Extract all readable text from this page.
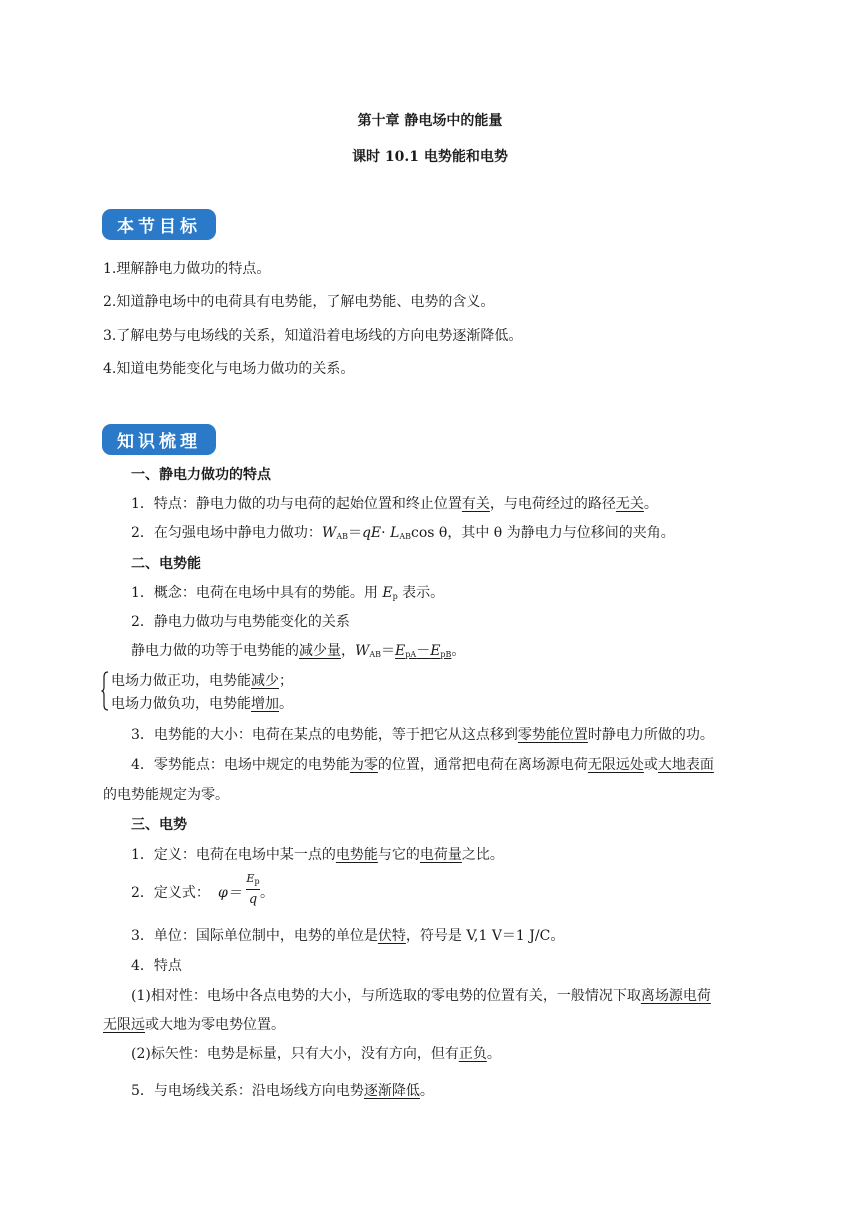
第十章 静电场中的能量
课时 10.1 电势能和电势
本节目标
1.理解静电力做功的特点。
2.知道静电场中的电荷具有电势能，了解电势能、电势的含义。
3.了解电势与电场线的关系，知道沿着电场线的方向电势逐渐降低。
4.知道电势能变化与电场力做功的关系。
知识梳理
一、静电力做功的特点
1．特点：静电力做的功与电荷的起始位置和终止位置有关，与电荷经过的路径无关。
2．在匀强电场中静电力做功：$W_{AB}=qE\cdot L_{AB}\cos$ θ，其中 θ 为静电力与位移间的夹角。
二、电势能
1．概念：电荷在电场中具有的势能。用 $E_p$ 表示。
2．静电力做功与电势能变化的关系
静电力做的功等于电势能的减少量，$W_{AB}=E_{pA}-E_{pB}$。
电场力做正功，电势能减少；
电场力做负功，电势能增加。
3．电势能的大小：电荷在某点的电势能，等于把它从这点移到零势能位置时静电力所做的功。
4．零势能点：电场中规定的电势能为零的位置，通常把电荷在离场源电荷无限远处或大地表面
的电势能规定为零。
三、电势
1．定义：电荷在电场中某一点的电势能与它的电荷量之比。
2．定义式： φ＝
$E_p$
q 。
3．单位：国际单位制中，电势的单位是伏特，符号是 V,1 V＝1 J/C。
4．特点
(1)相对性：电场中各点电势的大小，与所选取的零电势的位置有关，一般情况下取离场源电荷
无限远或大地为零电势位置。
(2)标矢性：电势是标量，只有大小，没有方向，但有正负。
5．与电场线关系：沿电场线方向电势逐渐降低。
